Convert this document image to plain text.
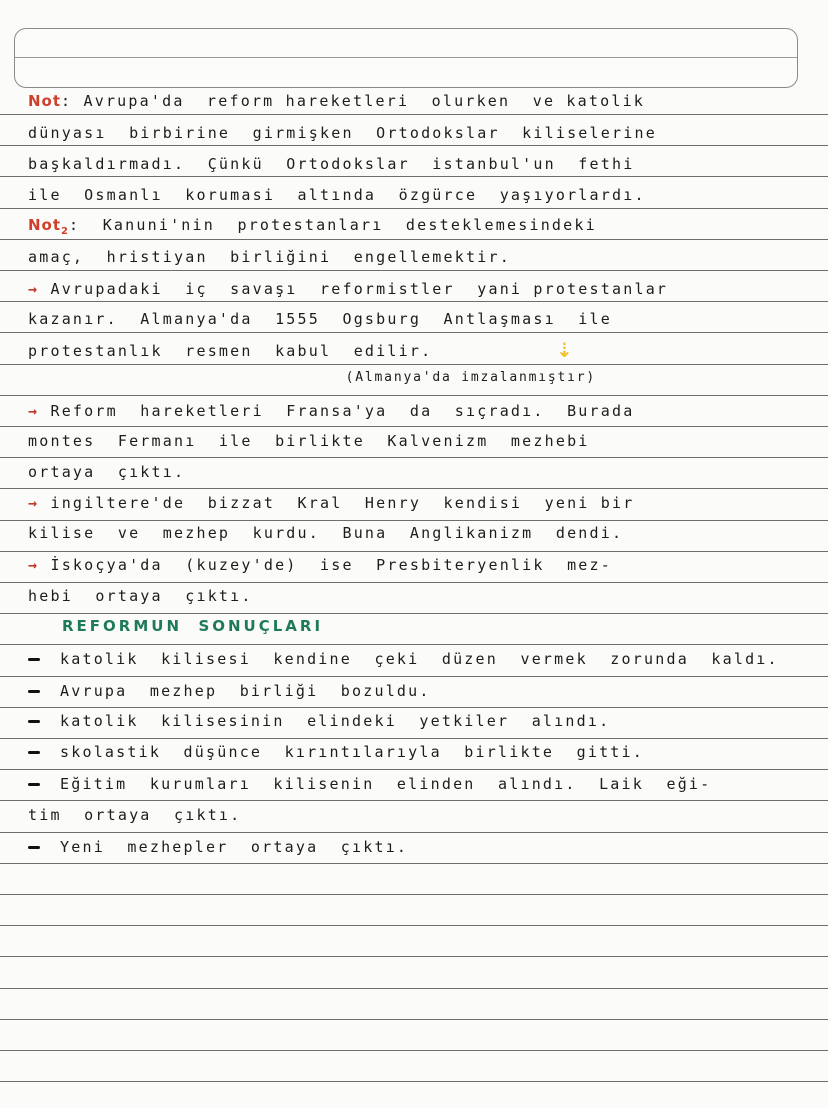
⇣
Not: Avrupa'da  reform hareketleri  olurken  ve katolik
dünyası  birbirine  girmişken  Ortodokslar  kiliselerine
başkaldırmadı.  Çünkü  Ortodokslar  istanbul'un  fethi
ile  Osmanlı  korumasi  altında  özgürce  yaşıyorlardı.
Not$_2$:  Kanuni'nin  protestanları  desteklemesindeki
amaç,  hristiyan  birliğini  engellemektir.
→ Avrupadaki  iç  savaşı  reformistler  yani protestanlar
kazanır.  Almanya'da  1555  Ogsburg  Antlaşması  ile
protestanlık  resmen  kabul  edilir.
(Almanya'da imzalanmıştır)
→ Reform  hareketleri  Fransa'ya  da  sıçradı.  Burada
montes  Fermanı  ile  birlikte  Kalvenizm  mezhebi
ortaya  çıktı.
→ ingiltere'de  bizzat  Kral  Henry  kendisi  yeni bir
kilise  ve  mezhep  kurdu.  Buna  Anglikanizm  dendi.
→ İskoçya'da  (kuzey'de)  ise  Presbiteryenlik  mez-
hebi  ortaya  çıktı.
REFORMUN  SONUÇLARI
katolik  kilisesi  kendine  çeki  düzen  vermek  zorunda  kaldı.
Avrupa  mezhep  birliği  bozuldu.
katolik  kilisesinin  elindeki  yetkiler  alındı.
skolastik  düşünce  kırıntılarıyla  birlikte  gitti.
Eğitim  kurumları  kilisenin  elinden  alındı.  Laik  eği-
tim  ortaya  çıktı.
Yeni  mezhepler  ortaya  çıktı.
